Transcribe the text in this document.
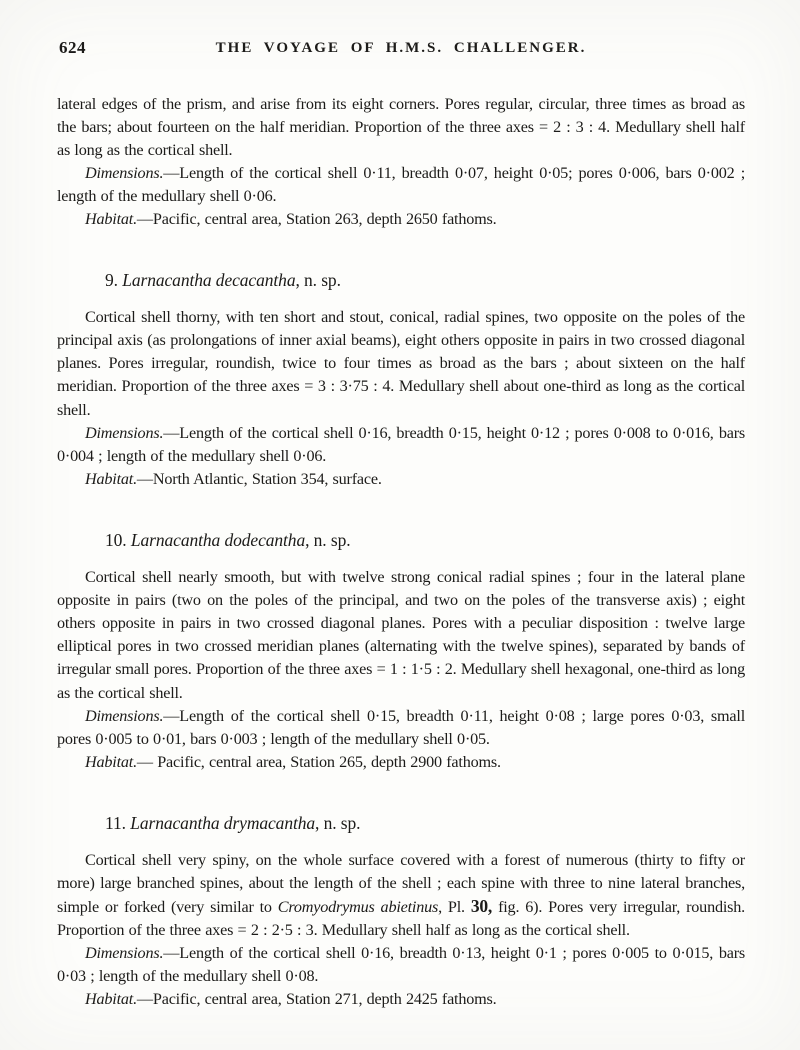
624	THE VOYAGE OF H.M.S. CHALLENGER.

lateral edges of the prism, and arise from its eight corners. Pores regular, circular, three times as broad as the bars; about fourteen on the half meridian. Proportion of the three axes = 2 : 3 : 4. Medullary shell half as long as the cortical shell.

Dimensions.—Length of the cortical shell 0·11, breadth 0·07, height 0·05; pores 0·006, bars 0·002 ; length of the medullary shell 0·06.

Habitat.—Pacific, central area, Station 263, depth 2650 fathoms.

9. Larnacantha decacantha, n. sp.

Cortical shell thorny, with ten short and stout, conical, radial spines, two opposite on the poles of the principal axis (as prolongations of inner axial beams), eight others opposite in pairs in two crossed diagonal planes. Pores irregular, roundish, twice to four times as broad as the bars ; about sixteen on the half meridian. Proportion of the three axes = 3 : 3·75 : 4. Medullary shell about one-third as long as the cortical shell.

Dimensions.—Length of the cortical shell 0·16, breadth 0·15, height 0·12 ; pores 0·008 to 0·016, bars 0·004 ; length of the medullary shell 0·06.

Habitat.—North Atlantic, Station 354, surface.

10. Larnacantha dodecantha, n. sp.

Cortical shell nearly smooth, but with twelve strong conical radial spines ; four in the lateral plane opposite in pairs (two on the poles of the principal, and two on the poles of the transverse axis) ; eight others opposite in pairs in two crossed diagonal planes. Pores with a peculiar disposition : twelve large elliptical pores in two crossed meridian planes (alternating with the twelve spines), separated by bands of irregular small pores. Proportion of the three axes = 1 : 1·5 : 2. Medullary shell hexagonal, one-third as long as the cortical shell.

Dimensions.—Length of the cortical shell 0·15, breadth 0·11, height 0·08 ; large pores 0·03, small pores 0·005 to 0·01, bars 0·003 ; length of the medullary shell 0·05.

Habitat.— Pacific, central area, Station 265, depth 2900 fathoms.

11. Larnacantha drymacantha, n. sp.

Cortical shell very spiny, on the whole surface covered with a forest of numerous (thirty to fifty or more) large branched spines, about the length of the shell ; each spine with three to nine lateral branches, simple or forked (very similar to Cromyodrymus abietinus, Pl. 30, fig. 6). Pores very irregular, roundish. Proportion of the three axes = 2 : 2·5 : 3. Medullary shell half as long as the cortical shell.

Dimensions.—Length of the cortical shell 0·16, breadth 0·13, height 0·1 ; pores 0·005 to 0·015, bars 0·03 ; length of the medullary shell 0·08.

Habitat.—Pacific, central area, Station 271, depth 2425 fathoms.
